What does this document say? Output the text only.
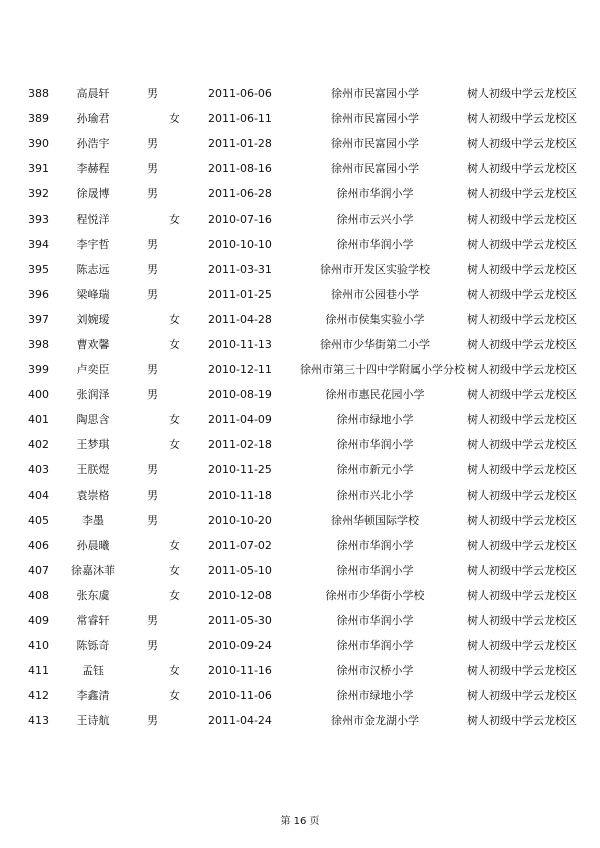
388	高晨轩	男	2011-06-06	徐州市民富园小学	树人初级中学云龙校区
389	孙瑜君	女	2011-06-11	徐州市民富园小学	树人初级中学云龙校区
390	孙浩宇	男	2011-01-28	徐州市民富园小学	树人初级中学云龙校区
391	李赫程	男	2011-08-16	徐州市民富园小学	树人初级中学云龙校区
392	徐晟博	男	2011-06-28	徐州市华润小学	树人初级中学云龙校区
393	程悦洋	女	2010-07-16	徐州市云兴小学	树人初级中学云龙校区
394	李宇哲	男	2010-10-10	徐州市华润小学	树人初级中学云龙校区
395	陈志远	男	2011-03-31	徐州市开发区实验学校	树人初级中学云龙校区
396	梁峰瑞	男	2011-01-25	徐州市公园巷小学	树人初级中学云龙校区
397	刘婉瑷	女	2011-04-28	徐州市侯集实验小学	树人初级中学云龙校区
398	曹欢馨	女	2010-11-13	徐州市少华街第二小学	树人初级中学云龙校区
399	卢奕臣	男	2010-12-11	徐州市第三十四中学附属小学分校	树人初级中学云龙校区
400	张润泽	男	2010-08-19	徐州市惠民花园小学	树人初级中学云龙校区
401	陶思含	女	2011-04-09	徐州市绿地小学	树人初级中学云龙校区
402	王梦琪	女	2011-02-18	徐州市华润小学	树人初级中学云龙校区
403	王朕煜	男	2010-11-25	徐州市新元小学	树人初级中学云龙校区
404	袁崇格	男	2010-11-18	徐州市兴北小学	树人初级中学云龙校区
405	李墨	男	2010-10-20	徐州华顿国际学校	树人初级中学云龙校区
406	孙晨曦	女	2011-07-02	徐州市华润小学	树人初级中学云龙校区
407	徐嘉沐菲	女	2011-05-10	徐州市华润小学	树人初级中学云龙校区
408	张东虞	女	2010-12-08	徐州市少华街小学校	树人初级中学云龙校区
409	常睿轩	男	2011-05-30	徐州市华润小学	树人初级中学云龙校区
410	陈铄奇	男	2010-09-24	徐州市华润小学	树人初级中学云龙校区
411	孟钰	女	2010-11-16	徐州市汉桥小学	树人初级中学云龙校区
412	李鑫清	女	2010-11-06	徐州市绿地小学	树人初级中学云龙校区
413	王诗航	男	2011-04-24	徐州市金龙湖小学	树人初级中学云龙校区
第 16 页
